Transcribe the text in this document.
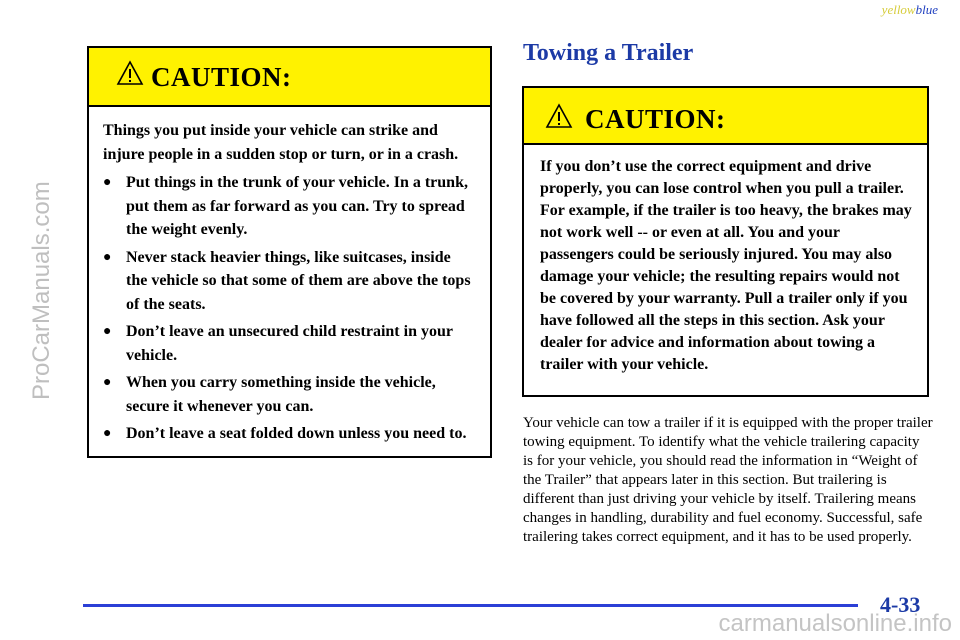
yellowblue
ProCarManuals.com
CAUTION:

Things you put inside your vehicle can strike and injure people in a sudden stop or turn, or in a crash.

● Put things in the trunk of your vehicle. In a trunk, put them as far forward as you can. Try to spread the weight evenly.
● Never stack heavier things, like suitcases, inside the vehicle so that some of them are above the tops of the seats.
● Don’t leave an unsecured child restraint in your vehicle.
● When you carry something inside the vehicle, secure it whenever you can.
● Don’t leave a seat folded down unless you need to.
Towing a Trailer
CAUTION:
If you don’t use the correct equipment and drive properly, you can lose control when you pull a trailer. For example, if the trailer is too heavy, the brakes may not work well -- or even at all. You and your passengers could be seriously injured. You may also damage your vehicle; the resulting repairs would not be covered by your warranty. Pull a trailer only if you have followed all the steps in this section. Ask your dealer for advice and information about towing a trailer with your vehicle.

Your vehicle can tow a trailer if it is equipped with the proper trailer towing equipment. To identify what the vehicle trailering capacity is for your vehicle, you should read the information in “Weight of the Trailer” that appears later in this section. But trailering is different than just driving your vehicle by itself. Trailering means changes in handling, durability and fuel economy. Successful, safe trailering takes correct equipment, and it has to be used properly.

4-33
carmanualsonline.info
